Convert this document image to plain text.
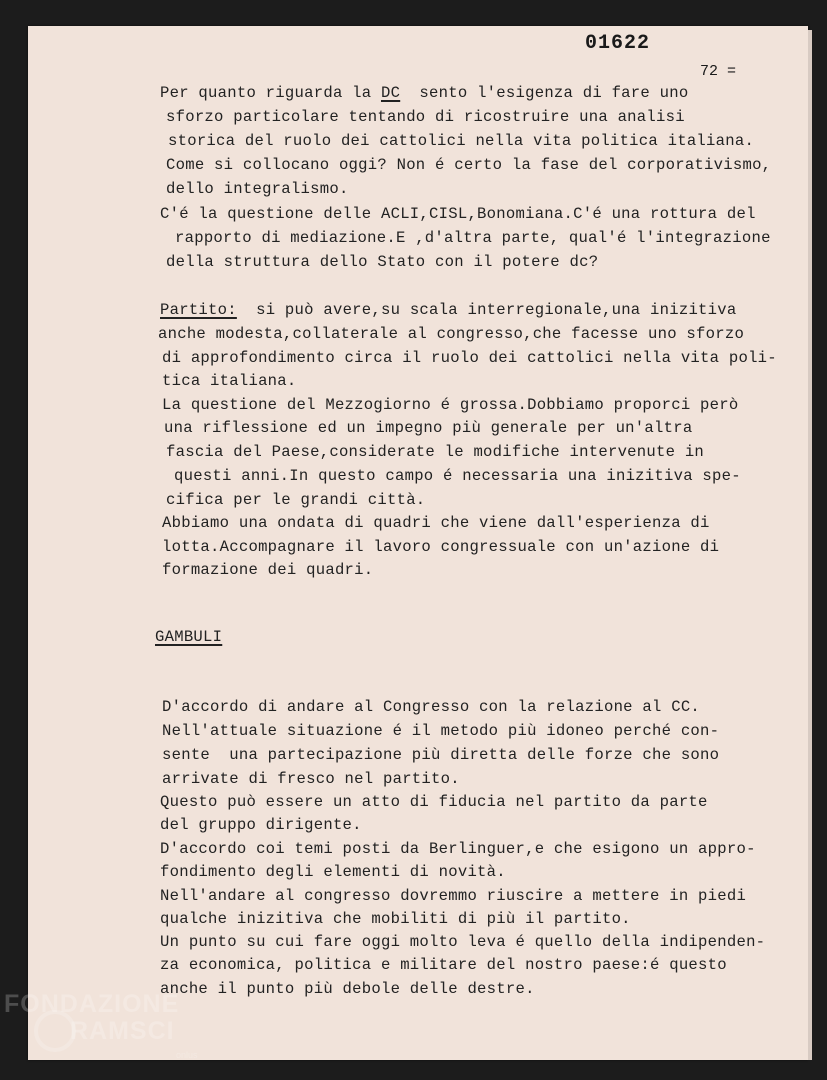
01622
72 =
Per quanto riguarda la DC sento l'esigenza di fare uno
sforzo particolare tentando di ricostruire una analisi
storica del ruolo dei cattolici nella vita politica italiana.
Come si collocano oggi? Non é certo la fase del corporativismo,
dello integralismo.
C'é la questione delle ACLI,CISL,Bonomiana.C'é una rottura del
rapporto di mediazione.E ,d'altra parte, qual'é l'integrazione
della struttura dello Stato con il potere dc?
Partito: si può avere,su scala interregionale,una inizitiva
anche modesta,collaterale al congresso,che facesse uno sforzo
di approfondimento circa il ruolo dei cattolici nella vita poli-
tica italiana.
La questione del Mezzogiorno é grossa.Dobbiamo proporci però
una riflessione ed un impegno più generale per un'altra
fascia del Paese,considerate le modifiche intervenute in
questi anni.In questo campo é necessaria una inizitiva spe-
cifica per le grandi città.
Abbiamo una ondata di quadri che viene dall'esperienza di
lotta.Accompagnare il lavoro congressuale con un'azione di
formazione dei quadri.
GAMBULI
D'accordo di andare al Congresso con la relazione al CC.
Nell'attuale situazione é il metodo più idoneo perché con-
sente  una partecipazione più diretta delle forze che sono
arrivate di fresco nel partito.
Questo può essere un atto di fiducia nel partito da parte
del gruppo dirigente.
D'accordo coi temi posti da Berlinguer,e che esigono un appro-
fondimento degli elementi di novità.
Nell'andare al congresso dovremmo riuscire a mettere in piedi
qualche inizitiva che mobiliti di più il partito.
Un punto su cui fare oggi molto leva é quello della indipenden-
za economica, politica e militare del nostro paese:é questo
anche il punto più debole delle destre.
FONDAZIONE
RAMSCI
onlus
